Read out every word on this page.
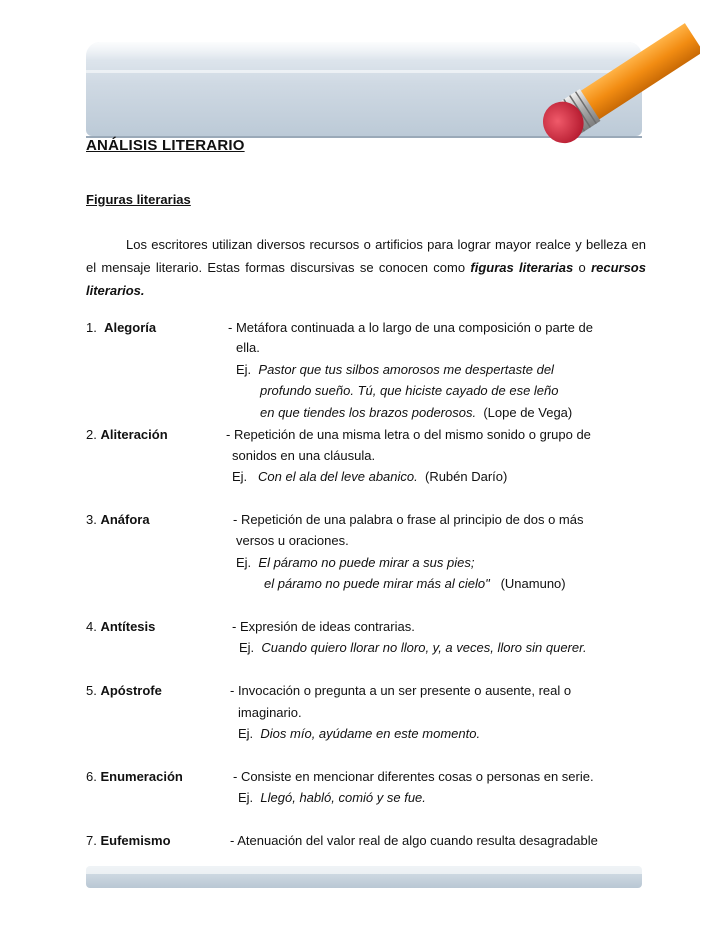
ANÁLISIS LITERARIO
Figuras literarias
Los escritores utilizan diversos recursos o artificios para lograr mayor realce y belleza en el mensaje literario. Estas formas discursivas se conocen como figuras literarias o recursos literarios.
1. Alegoría	- Metáfora continuada a lo largo de una composición o parte de
ella.
Ej. Pastor que tus silbos amorosos me despertaste del
profundo sueño. Tú, que hiciste cayado de ese leño
en que tiendes los brazos poderosos. (Lope de Vega)
2. Aliteración	- Repetición de una misma letra o del mismo sonido o grupo de
sonidos en una cláusula.
Ej. Con el ala del leve abanico. (Rubén Darío)
3. Anáfora	- Repetición de una palabra o frase al principio de dos o más
versos u oraciones.
Ej. El páramo no puede mirar a sus pies;
el páramo no puede mirar más al cielo" (Unamuno)
4. Antítesis	- Expresión de ideas contrarias.
Ej. Cuando quiero llorar no lloro, y, a veces, lloro sin querer.
5. Apóstrofe	- Invocación o pregunta a un ser presente o ausente, real o
imaginario.
Ej. Dios mío, ayúdame en este momento.
6. Enumeración	- Consiste en mencionar diferentes cosas o personas en serie.
Ej. Llegó, habló, comió y se fue.
7. Eufemismo	- Atenuación del valor real de algo cuando resulta desagradable
